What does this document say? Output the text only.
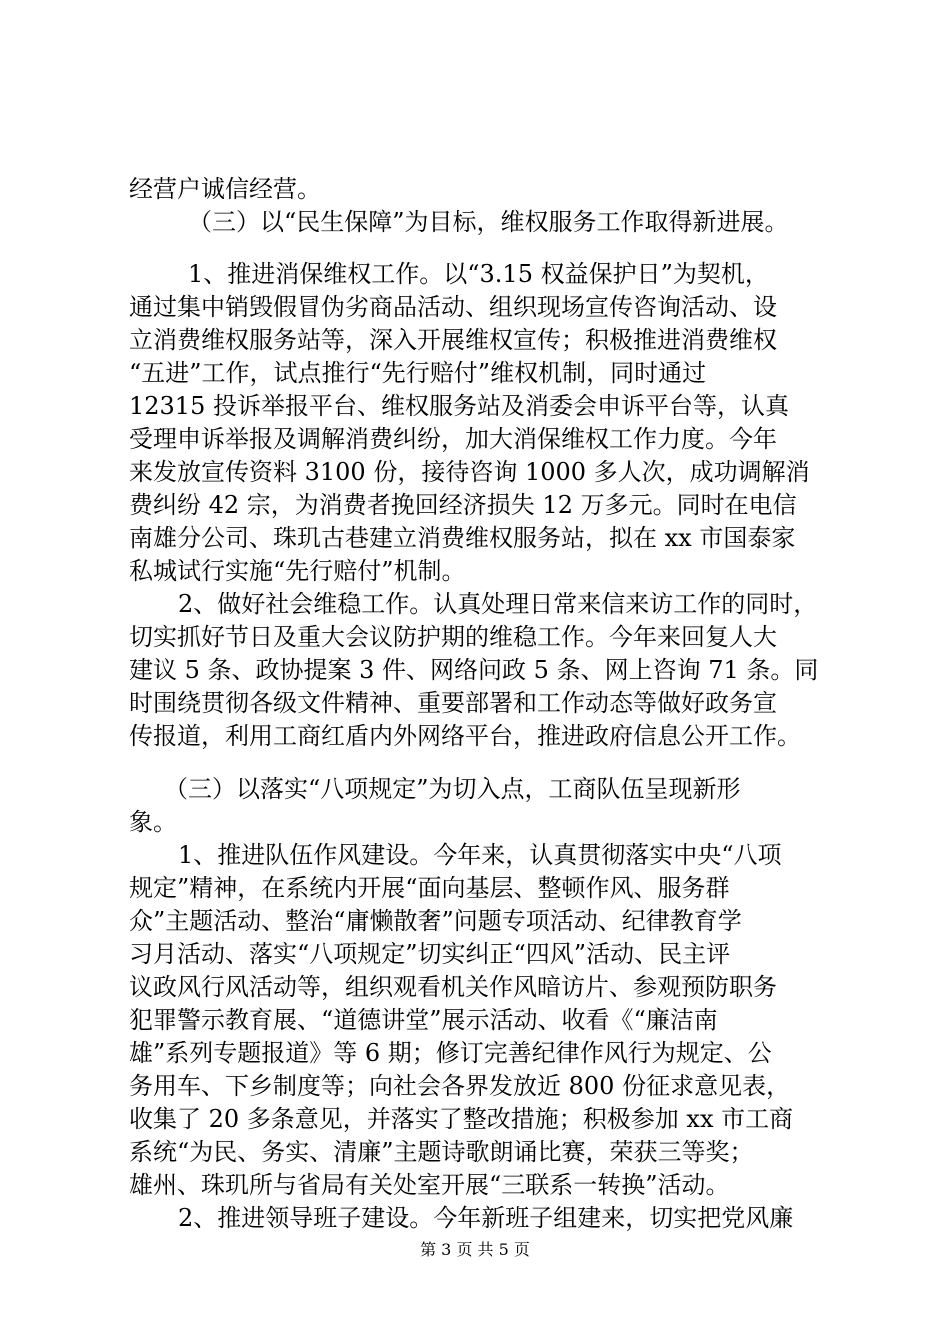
经营户诚信经营。
（三）以“民生保障”为目标，维权服务工作取得新进展。
1、推进消保维权工作。以“3.15 权益保护日”为契机，
通过集中销毁假冒伪劣商品活动、组织现场宣传咨询活动、设
立消费维权服务站等，深入开展维权宣传；积极推进消费维权
“五进”工作，试点推行“先行赔付”维权机制，同时通过
12315 投诉举报平台、维权服务站及消委会申诉平台等，认真
受理申诉举报及调解消费纠纷，加大消保维权工作力度。今年
来发放宣传资料 3100 份，接待咨询 1000 多人次，成功调解消
费纠纷 42 宗，为消费者挽回经济损失 12 万多元。同时在电信
南雄分公司、珠玑古巷建立消费维权服务站，拟在 xx 市国泰家
私城试行实施“先行赔付”机制。
2、做好社会维稳工作。认真处理日常来信来访工作的同时，
切实抓好节日及重大会议防护期的维稳工作。今年来回复人大
建议 5 条、政协提案 3 件、网络问政 5 条、网上咨询 71 条。同
时围绕贯彻各级文件精神、重要部署和工作动态等做好政务宣
传报道，利用工商红盾内外网络平台，推进政府信息公开工作。
（三）以落实“八项规定”为切入点，工商队伍呈现新形
象。
1、推进队伍作风建设。今年来，认真贯彻落实中央“八项
规定”精神，在系统内开展“面向基层、整顿作风、服务群
众”主题活动、整治“庸懒散奢”问题专项活动、纪律教育学
习月活动、落实“八项规定”切实纠正“四风”活动、民主评
议政风行风活动等，组织观看机关作风暗访片、参观预防职务
犯罪警示教育展、“道德讲堂”展示活动、收看《“廉洁南
雄”系列专题报道》等 6 期；修订完善纪律作风行为规定、公
务用车、下乡制度等；向社会各界发放近 800 份征求意见表，
收集了 20 多条意见，并落实了整改措施；积极参加 xx 市工商
系统“为民、务实、清廉”主题诗歌朗诵比赛，荣获三等奖；
雄州、珠玑所与省局有关处室开展“三联系一转换”活动。
2、推进领导班子建设。今年新班子组建来，切实把党风廉
第 3 页 共 5 页
